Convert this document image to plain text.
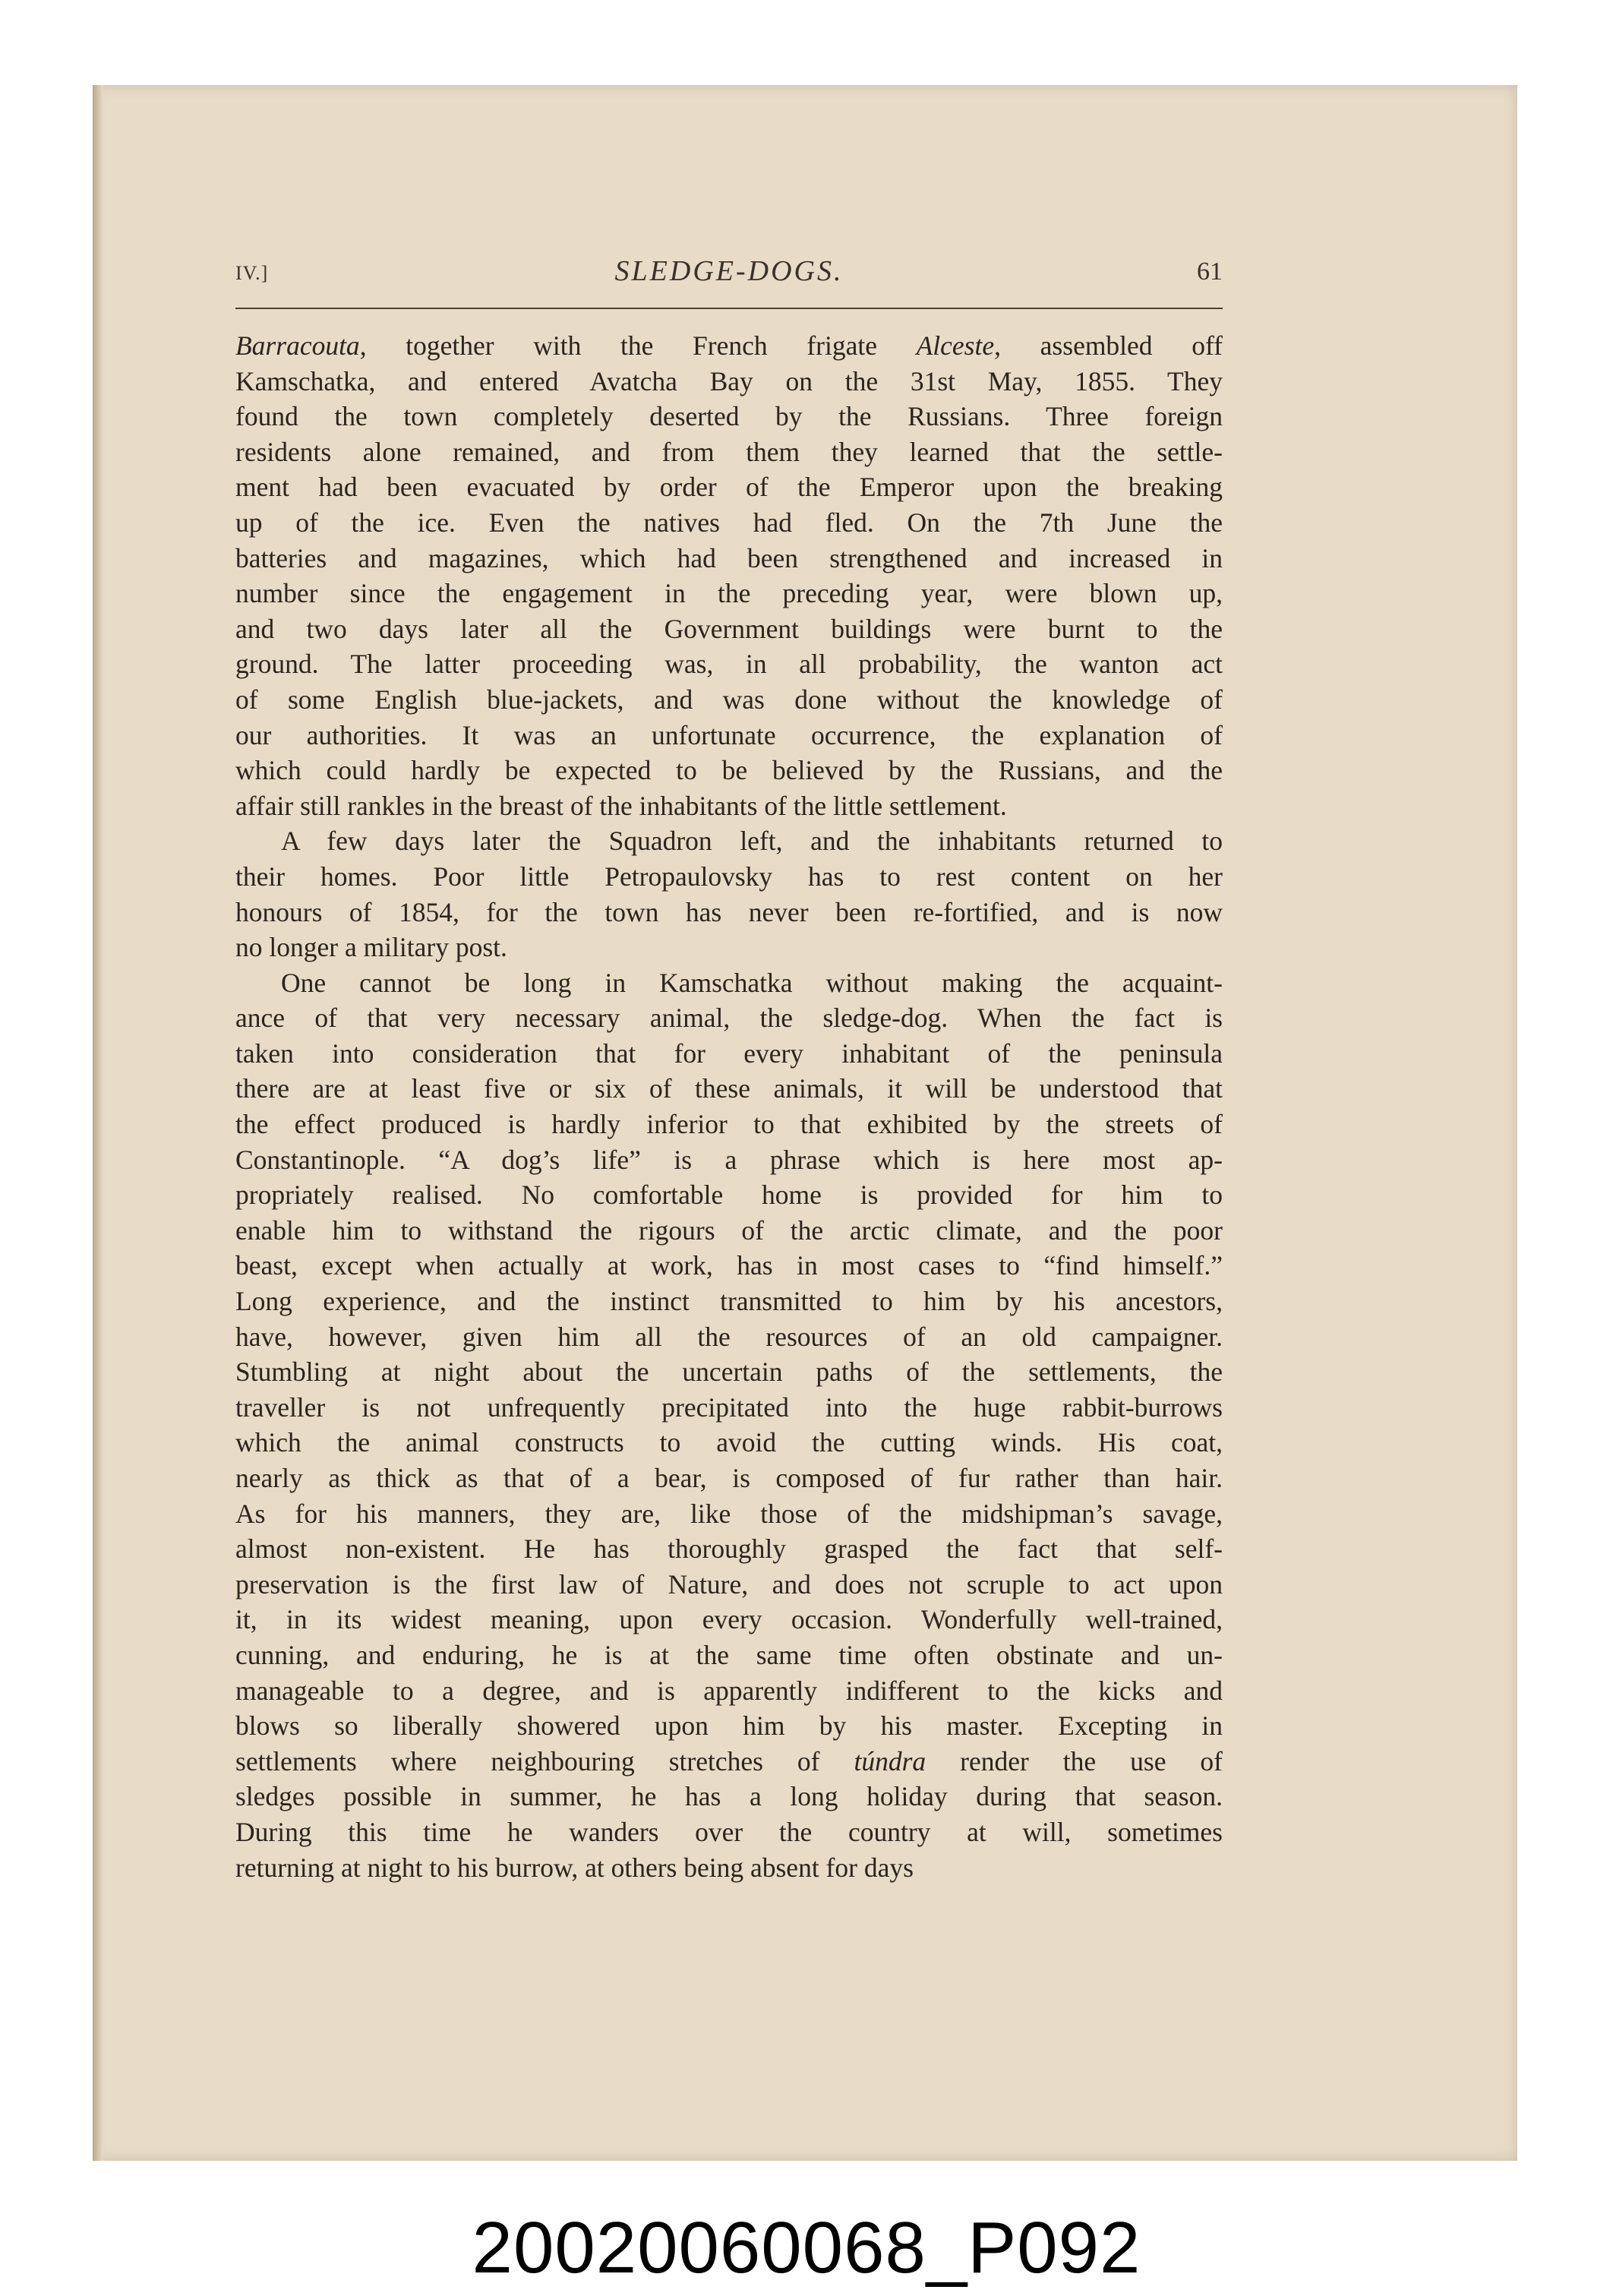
IV.]	SLEDGE-DOGS.	61
Barracouta, together with the French frigate Alceste, assembled off
Kamschatka, and entered Avatcha Bay on the 31st May, 1855. They
found the town completely deserted by the Russians. Three foreign
residents alone remained, and from them they learned that the settle-
ment had been evacuated by order of the Emperor upon the breaking
up of the ice. Even the natives had fled. On the 7th June the
batteries and magazines, which had been strengthened and increased in
number since the engagement in the preceding year, were blown up,
and two days later all the Government buildings were burnt to the
ground. The latter proceeding was, in all probability, the wanton act
of some English blue-jackets, and was done without the knowledge of
our authorities. It was an unfortunate occurrence, the explanation of
which could hardly be expected to be believed by the Russians, and the
affair still rankles in the breast of the inhabitants of the little settlement.
A few days later the Squadron left, and the inhabitants returned to
their homes. Poor little Petropaulovsky has to rest content on her
honours of 1854, for the town has never been re-fortified, and is now
no longer a military post.
One cannot be long in Kamschatka without making the acquaint-
ance of that very necessary animal, the sledge-dog. When the fact is
taken into consideration that for every inhabitant of the peninsula
there are at least five or six of these animals, it will be understood that
the effect produced is hardly inferior to that exhibited by the streets of
Constantinople. “A dog’s life” is a phrase which is here most ap-
propriately realised. No comfortable home is provided for him to
enable him to withstand the rigours of the arctic climate, and the poor
beast, except when actually at work, has in most cases to “find himself.”
Long experience, and the instinct transmitted to him by his ancestors,
have, however, given him all the resources of an old campaigner.
Stumbling at night about the uncertain paths of the settlements, the
traveller is not unfrequently precipitated into the huge rabbit-burrows
which the animal constructs to avoid the cutting winds. His coat,
nearly as thick as that of a bear, is composed of fur rather than hair.
As for his manners, they are, like those of the midshipman’s savage,
almost non-existent. He has thoroughly grasped the fact that self-
preservation is the first law of Nature, and does not scruple to act upon
it, in its widest meaning, upon every occasion. Wonderfully well-trained,
cunning, and enduring, he is at the same time often obstinate and un-
manageable to a degree, and is apparently indifferent to the kicks and
blows so liberally showered upon him by his master. Excepting in
settlements where neighbouring stretches of túndra render the use of
sledges possible in summer, he has a long holiday during that season.
During this time he wanders over the country at will, sometimes
returning at night to his burrow, at others being absent for days
20020060068_P092
